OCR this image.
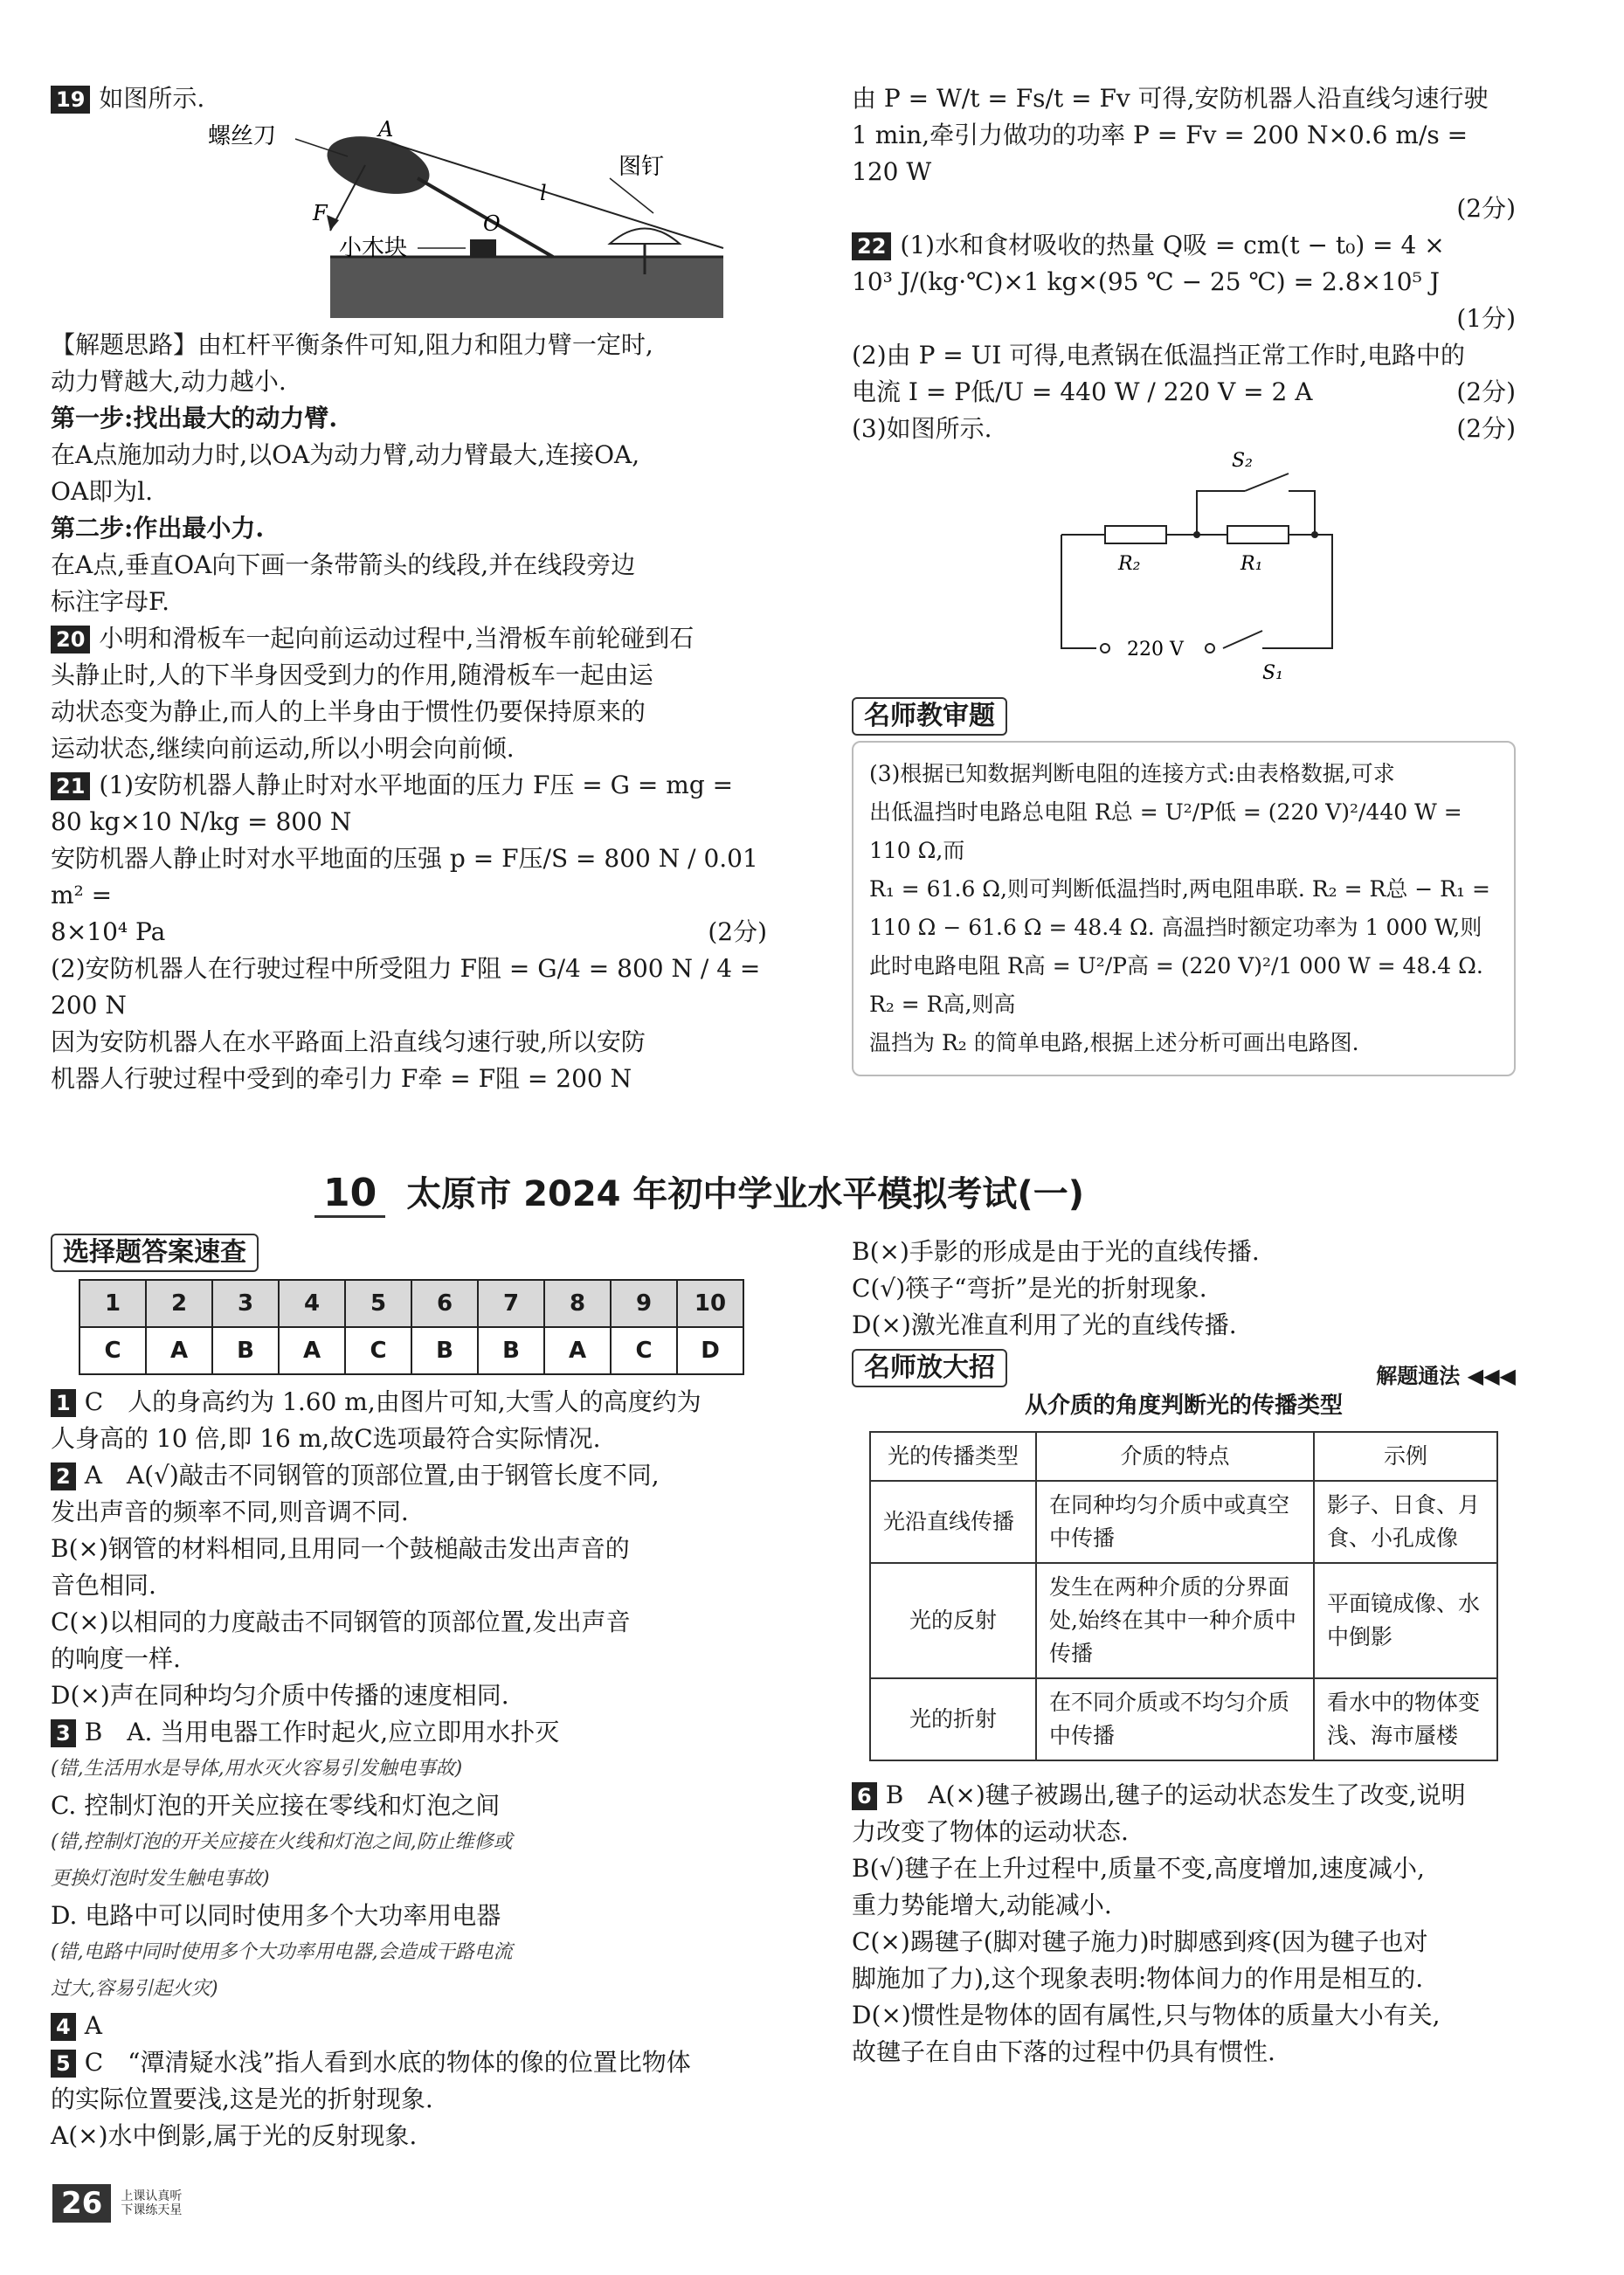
19 如图所示.

螺丝刀	A
l
F	O
图钉
小木块

【解题思路】由杠杆平衡条件可知,阻力和阻力臂一定时,

动力臂越大,动力越小.

第一步:找出最大的动力臂.

在A点施加动力时,以OA为动力臂,动力臂最大,连接OA,

OA即为l.

第二步:作出最小力.

在A点,垂直OA向下画一条带箭头的线段,并在线段旁边

标注字母F.

20 小明和滑板车一起向前运动过程中,当滑板车前轮碰到石

头静止时,人的下半身因受到力的作用,随滑板车一起由运

动状态变为静止,而人的上半身由于惯性仍要保持原来的

运动状态,继续向前运动,所以小明会向前倾.

21 (1)安防机器人静止时对水平地面的压力 F压 = G = mg =

80 kg×10 N/kg = 800 N

安防机器人静止时对水平地面的压强 p = F压/S = 800 N / 0.01 m² =

8×10⁴ Pa	(2分)

(2)安防机器人在行驶过程中所受阻力 F阻 = G/4 = 800 N / 4 =

200 N

因为安防机器人在水平路面上沿直线匀速行驶,所以安防

机器人行驶过程中受到的牵引力 F牵 = F阻 = 200 N

由 P = W/t = Fs/t = Fv 可得,安防机器人沿直线匀速行驶

1 min,牵引力做功的功率 P = Fv = 200 N×0.6 m/s = 120 W

(2分)

22 (1)水和食材吸收的热量 Q吸 = cm(t − t₀) = 4 ×

10³ J/(kg·℃)×1 kg×(95 ℃ − 25 ℃) = 2.8×10⁵ J

(1分)

(2)由 P = UI 可得,电煮锅在低温挡正常工作时,电路中的

电流 I = P低/U = 440 W / 220 V = 2 A	(2分)

(3)如图所示.	(2分)

S₂
R₂	R₁
220 V
S₁
名师教审题

(3)根据已知数据判断电阻的连接方式:由表格数据,可求

出低温挡时电路总电阻 R总 = U²/P低 = (220 V)²/440 W = 110 Ω,而

R₁ = 61.6 Ω,则可判断低温挡时,两电阻串联. R₂ = R总 − R₁ =

110 Ω − 61.6 Ω = 48.4 Ω. 高温挡时额定功率为 1 000 W,则

此时电路电阻 R高 = U²/P高 = (220 V)²/1 000 W = 48.4 Ω. R₂ = R高,则高

温挡为 R₂ 的简单电路,根据上述分析可画出电路图.

10 太原市 2024 年初中学业水平模拟考试(一)
选择题答案速查
1	2	3	4	5	6	7	8	9	10
C	A	B	A	C	B	B	A	C	D

1 C　人的身高约为 1.60 m,由图片可知,大雪人的高度约为

人身高的 10 倍,即 16 m,故C选项最符合实际情况.

2 A　A(√)敲击不同钢管的顶部位置,由于钢管长度不同,

发出声音的频率不同,则音调不同.

B(×)钢管的材料相同,且用同一个鼓槌敲击发出声音的

音色相同.

C(×)以相同的力度敲击不同钢管的顶部位置,发出声音

的响度一样.

D(×)声在同种均匀介质中传播的速度相同.

3 B　A. 当用电器工作时起火,应立即用水扑灭

(错,生活用水是导体,用水灭火容易引发触电事故)

C. 控制灯泡的开关应接在零线和灯泡之间

(错,控制灯泡的开关应接在火线和灯泡之间,防止维修或

更换灯泡时发生触电事故)

D. 电路中可以同时使用多个大功率用电器

(错,电路中同时使用多个大功率用电器,会造成干路电流

过大,容易引起火灾)

4 A

5 C　“潭清疑水浅”指人看到水底的物体的像的位置比物体

的实际位置要浅,这是光的折射现象.

A(×)水中倒影,属于光的反射现象.

B(×)手影的形成是由于光的直线传播.

C(√)筷子“弯折”是光的折射现象.

D(×)激光准直利用了光的直线传播.

名师放大招	解题通法 ◀◀◀

从介质的角度判断光的传播类型

光的传播类型	介质的特点	示例
光沿直线传播	在同种均匀介质中或真空中传播	影子、日食、月食、小孔成像
光的反射	发生在两种介质的分界面处,始终在其中一种介质中传播	平面镜成像、水中倒影
光的折射	在不同介质或不均匀介质中传播	看水中的物体变浅、海市蜃楼

6 B　A(×)毽子被踢出,毽子的运动状态发生了改变,说明

力改变了物体的运动状态.

B(√)毽子在上升过程中,质量不变,高度增加,速度减小,

重力势能增大,动能减小.

C(×)踢毽子(脚对毽子施力)时脚感到疼(因为毽子也对

脚施加了力),这个现象表明:物体间力的作用是相互的.

D(×)惯性是物体的固有属性,只与物体的质量大小有关,

故毽子在自由下落的过程中仍具有惯性.

26 上课认真听
下课练天星
